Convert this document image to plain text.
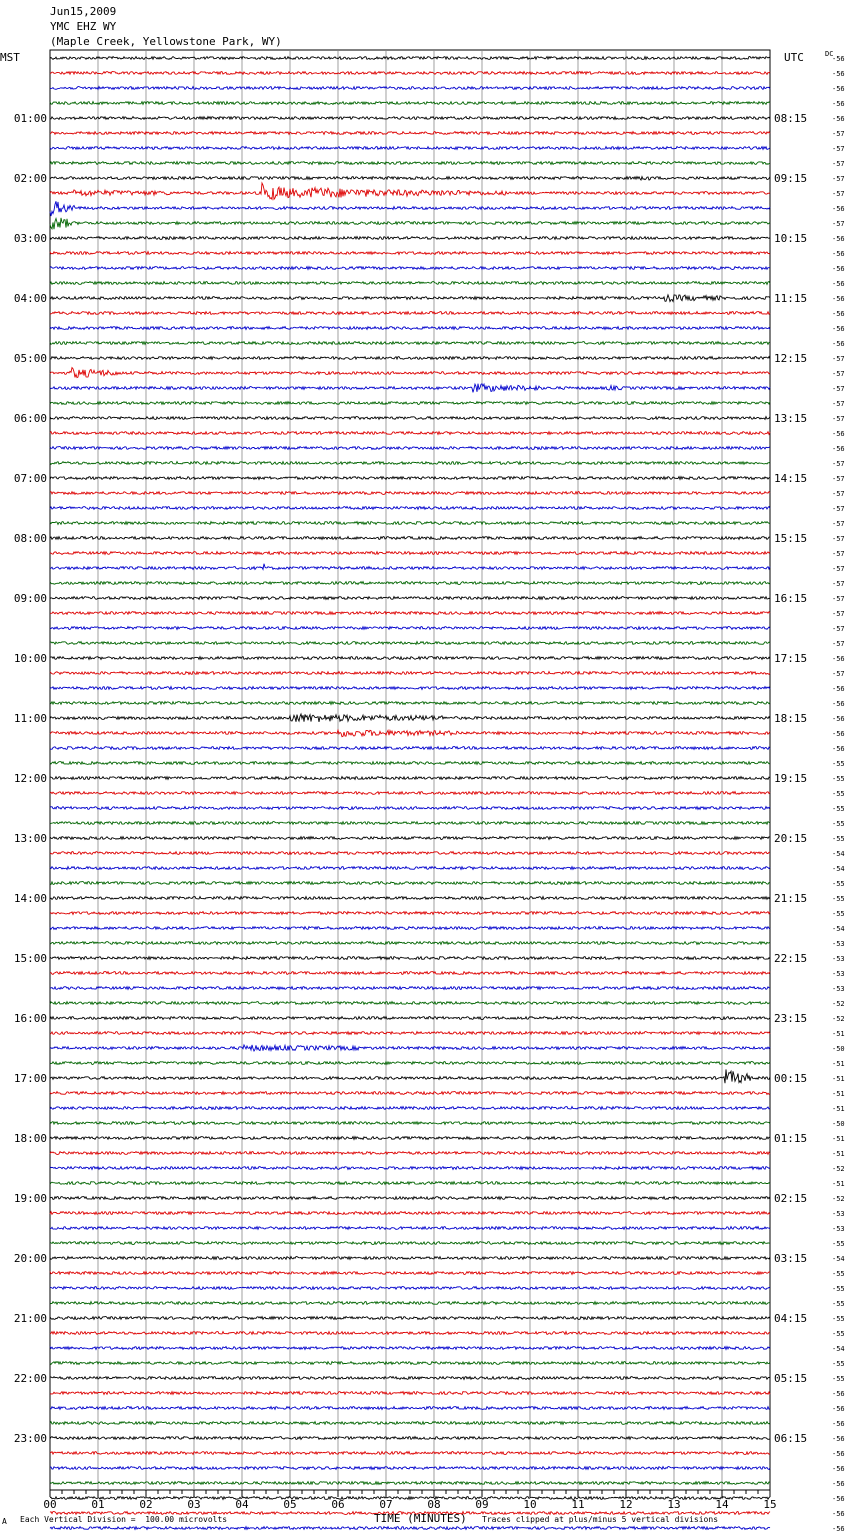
Jun15,2009
YMC EHZ WY
(Maple Creek, Yellowstone Park, WY)
01:00	08:15
02:00	09:15
03:00	10:15
04:00	11:15
05:00	12:15
06:00	13:15
07:00	14:15
08:00	15:15
09:00	16:15
10:00	17:15
11:00	18:15
12:00	19:15
13:00	20:15
14:00	21:15
15:00	22:15
16:00	23:15
17:00	00:15
18:00	01:15
19:00	02:15
20:00	03:15
21:00	04:15
22:00	05:15
23:00	06:15
MST	UTC	DC
-56
-56
-56
-56
-56
-57
-57
-57
-57
-57
-56
-57
-56
-56
-56
-56
-56
-56
-56
-56
-57
-57
-57
-57
-57
-56
-56
-57
-57
-57
-57
-57
-57
-57
-57
-57
-57
-57
-57
-57
-56
-57
-56
-56
-56
-56
-56
-55
-55
-55
-55
-55
-55
-54
-54
-55
-55
-55
-54
-53
-53
-53
-53
-52
-52
-51
-50
-51
-51
-51
-51
-50
-51
-51
-52
-51
-52
-53
-53
-55
-54
-55
-55
-55
-55
-55
-54
-55
-55
-56
-56
-56
-56
-56
-56
-56
-56
-56
-56
00	01	02	03	04	05	06	07	08	09	10	11	12	13	14	15
A Each Vertical Division =  100.00 microvolts	TIME (MINUTES) Traces clipped at plus/minus 5 vertical divisions
